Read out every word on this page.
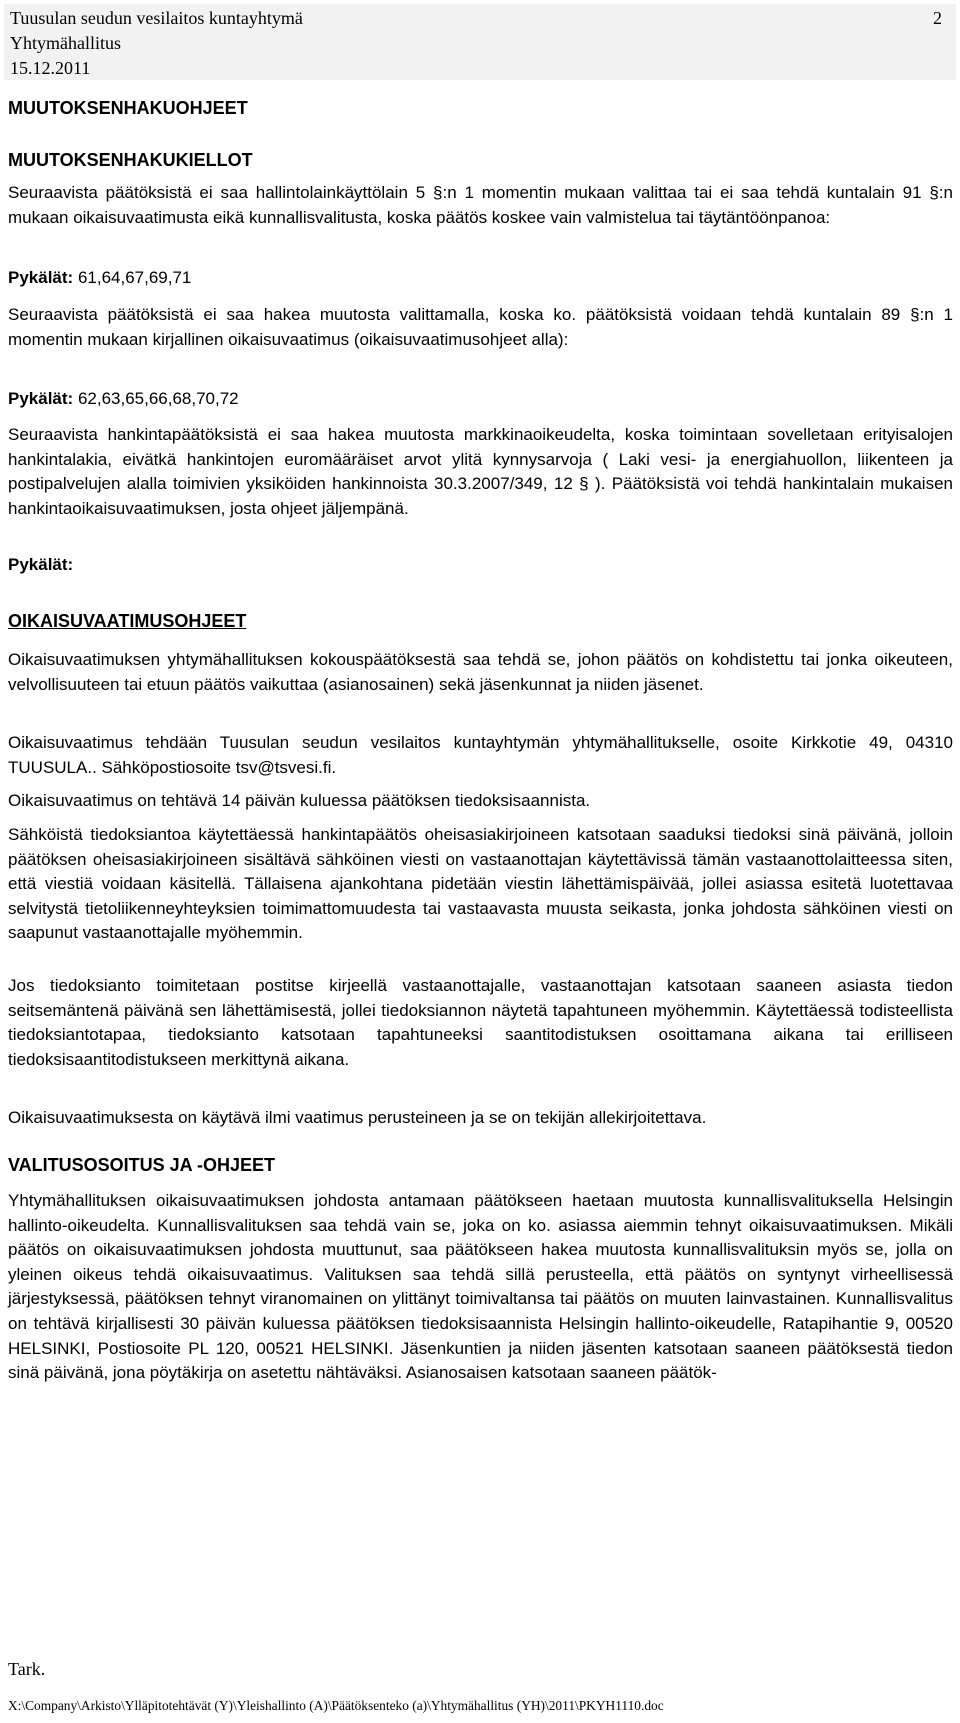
Tuusulan seudun vesilaitos kuntayhtymä
Yhtymähallitus
15.12.2011
2
MUUTOKSENHAKUOHJEET
MUUTOKSENHAKUKIELLOT
Seuraavista päätöksistä ei saa hallintolainkäyttölain 5 §:n 1 momentin mukaan valittaa tai ei saa tehdä kuntalain 91 §:n mukaan oikaisuvaatimusta eikä kunnallisvalitusta, koska päätös koskee vain valmistelua tai täytäntöönpanoa:
Pykälät: 61,64,67,69,71
Seuraavista päätöksistä ei saa hakea muutosta valittamalla, koska ko. päätöksistä voidaan tehdä kuntalain 89 §:n 1 momentin mukaan kirjallinen oikaisuvaatimus (oikaisuvaatimusohjeet alla):
Pykälät: 62,63,65,66,68,70,72
Seuraavista hankintapäätöksistä ei saa hakea muutosta markkinaoikeudelta, koska toimintaan sovelletaan erityisalojen hankintalakia, eivätkä hankintojen euromääräiset arvot ylitä kynnysarvoja ( Laki vesi- ja energiahuollon, liikenteen ja postipalvelujen alalla toimivien yksiköiden hankinnoista 30.3.2007/349, 12 § ). Päätöksistä voi tehdä hankintalain mukaisen hankintaoikaisuvaatimuksen, josta ohjeet jäljempänä.
Pykälät:
OIKAISUVAATIMUSOHJEET
Oikaisuvaatimuksen yhtymähallituksen kokouspäätöksestä saa tehdä se, johon päätös on kohdistettu tai jonka oikeuteen, velvollisuuteen tai etuun päätös vaikuttaa (asianosainen) sekä jäsenkunnat ja niiden jäsenet.
Oikaisuvaatimus tehdään Tuusulan seudun vesilaitos kuntayhtymän yhtymähallitukselle, osoite Kirkkotie 49, 04310 TUUSULA.. Sähköpostiosoite tsv@tsvesi.fi.
Oikaisuvaatimus on tehtävä 14 päivän kuluessa päätöksen tiedoksisaannista.
Sähköistä tiedoksiantoa käytettäessä hankintapäätös oheisasiakirjoineen katsotaan saaduksi tiedoksi sinä päivänä, jolloin päätöksen oheisasiakirjoineen sisältävä sähköinen viesti on vastaanottajan käytettävissä tämän vastaanottolaitteessa siten, että viestiä voidaan käsitellä. Tällaisena ajankohtana pidetään viestin lähettämispäivää, jollei asiassa esitetä luotettavaa selvitystä tietoliikenneyhteyksien toimimattomuudesta tai vastaavasta muusta seikasta, jonka johdosta sähköinen viesti on saapunut vastaanottajalle myöhemmin.
Jos tiedoksianto toimitetaan postitse kirjeellä vastaanottajalle, vastaanottajan katsotaan saaneen asiasta tiedon seitsemäntenä päivänä sen lähettämisestä, jollei tiedoksiannon näytetä tapahtuneen myöhemmin. Käytettäessä todisteellista tiedoksiantotapaa, tiedoksianto katsotaan tapahtuneeksi saantitodistuksen osoittamana aikana tai erilliseen tiedoksisaantitodistukseen merkittynä aikana.
Oikaisuvaatimuksesta on käytävä ilmi vaatimus perusteineen ja se on tekijän allekirjoitettava.
VALITUSOSOITUS JA -OHJEET
Yhtymähallituksen oikaisuvaatimuksen johdosta antamaan päätökseen haetaan muutosta kunnallisvalituksella Helsingin hallinto-oikeudelta. Kunnallisvalituksen saa tehdä vain se, joka on ko. asiassa aiemmin tehnyt oikaisuvaatimuksen. Mikäli päätös on oikaisuvaatimuksen johdosta muuttunut, saa päätökseen hakea muutosta kunnallisvalituksin myös se, jolla on yleinen oikeus tehdä oikaisuvaatimus. Valituksen saa tehdä sillä perusteella, että päätös on syntynyt virheellisessä järjestyksessä, päätöksen tehnyt viranomainen on ylittänyt toimivaltansa tai päätös on muuten lainvastainen. Kunnallisvalitus on tehtävä kirjallisesti 30 päivän kuluessa päätöksen tiedoksisaannista Helsingin hallinto-oikeudelle, Ratapihantie 9, 00520 HELSINKI, Postiosoite PL 120, 00521 HELSINKI. Jäsenkuntien ja niiden jäsenten katsotaan saaneen päätöksestä tiedon sinä päivänä, jona pöytäkirja on asetettu nähtäväksi. Asianosaisen katsotaan saaneen päätök-
Tark.
X:\Company\Arkisto\Ylläpitotehtävät (Y)\Yleishallinto (A)\Päätöksenteko (a)\Yhtymähallitus (YH)\2011\PKYH1110.doc
